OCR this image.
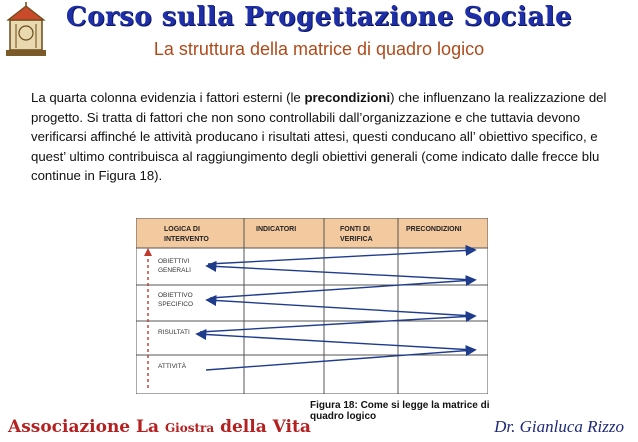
Corso sulla Progettazione Sociale
La struttura della matrice di quadro logico
La quarta colonna evidenzia i fattori esterni (le precondizioni) che influenzano la realizzazione del progetto. Si tratta di fattori che non sono controllabili dall’organizzazione e che tuttavia devono verificarsi affinché le attività producano i risultati attesi, questi conducano all’ obiettivo specifico, e quest’ ultimo contribuisca al raggiungimento degli obiettivi generali (come indicato dalle frecce blu continue in Figura 18).
LOGICA DI
INTERVENTO
INDICATORI	FONTI DI
VERIFICA
PRECONDIZIONI
OBIETTIVI
GENERALI
OBIETTIVO
SPECIFICO
RISULTATI
ATTIVITÀ
Figura 18: Come si legge la matrice di quadro logico
Associazione La Giostra della Vita	Dr. Gianluca Rizzo
